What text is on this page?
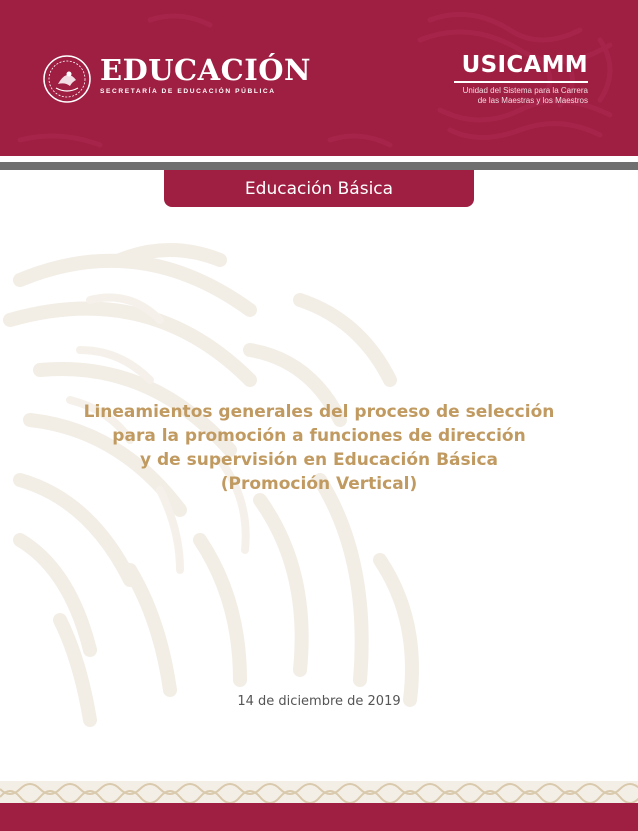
EDUCACIÓN
SECRETARÍA DE EDUCACIÓN PÚBLICA
USICAMM
Unidad del Sistema para la Carrera
de las Maestras y los Maestros
Educación Básica
Lineamientos generales del proceso de selección
para la promoción a funciones de dirección
y de supervisión en Educación Básica
(Promoción Vertical)
14 de diciembre de 2019
